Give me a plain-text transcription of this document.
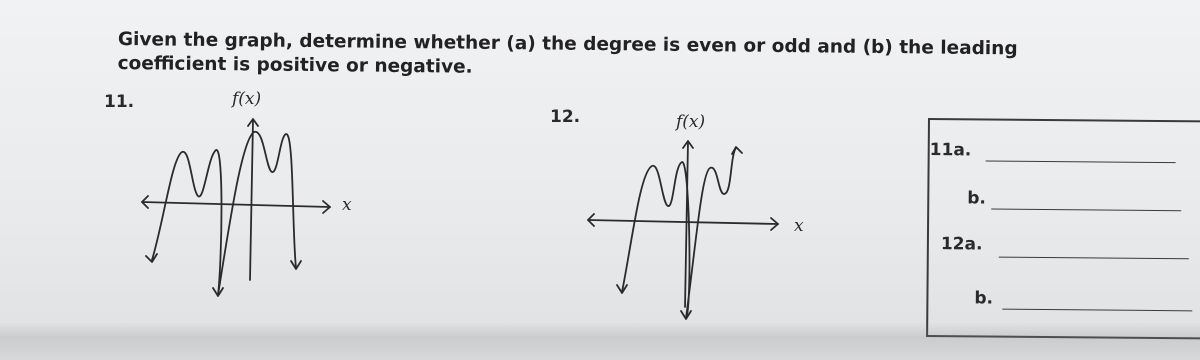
Given the graph, determine whether (a) the degree is even or odd and (b) the leading
coefficient is positive or negative.
11.	f(x)
x
12.	f(x)
x
11a.
b.
12a.
b.
